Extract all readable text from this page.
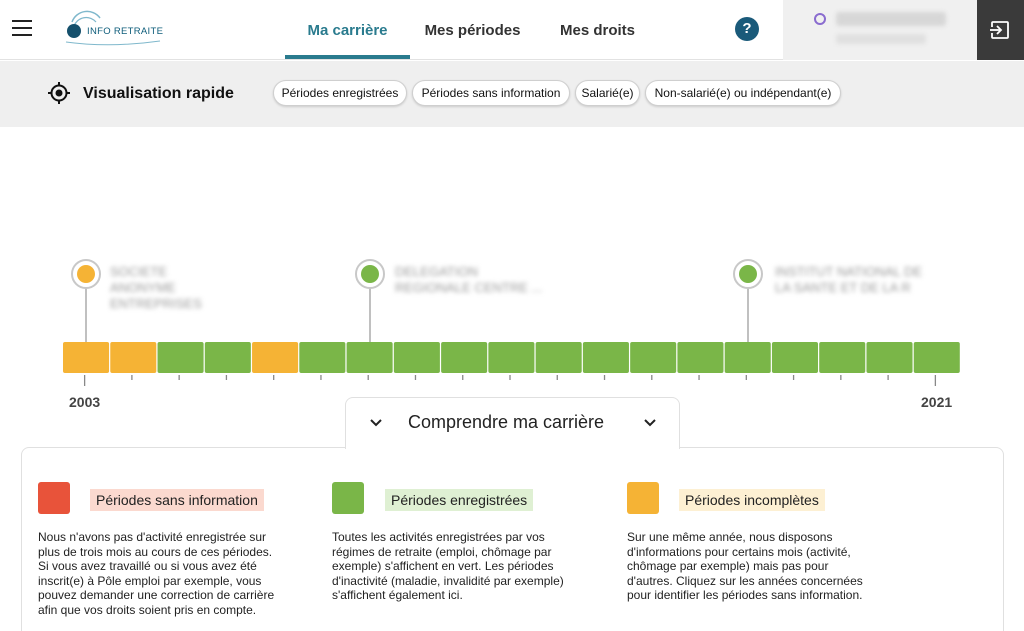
INFO RETRAITE	Ma carrière	Mes périodes	Mes droits	?
Visualisation rapide	Périodes enregistrées	Périodes sans information	Salarié(e)	Non-salarié(e) ou indépendant(e)
SOCIETE ANONYME
ENTREPRISES
DELEGATION
REGIONALE CENTRE ...
INSTITUT NATIONAL DE
LA SANTE ET DE LA R
2003	2021
Comprendre ma carrière
Périodes sans information
Nous n'avons pas d'activité enregistrée sur
plus de trois mois au cours de ces périodes.
Si vous avez travaillé ou si vous avez été
inscrit(e) à Pôle emploi par exemple, vous
pouvez demander une correction de carrière
afin que vos droits soient pris en compte.
Périodes enregistrées
Toutes les activités enregistrées par vos
régimes de retraite (emploi, chômage par
exemple) s'affichent en vert. Les périodes
d'inactivité (maladie, invalidité par exemple)
s'affichent également ici.
Périodes incomplètes
Sur une même année, nous disposons
d'informations pour certains mois (activité,
chômage par exemple) mais pas pour
d'autres. Cliquez sur les années concernées
pour identifier les périodes sans information.
